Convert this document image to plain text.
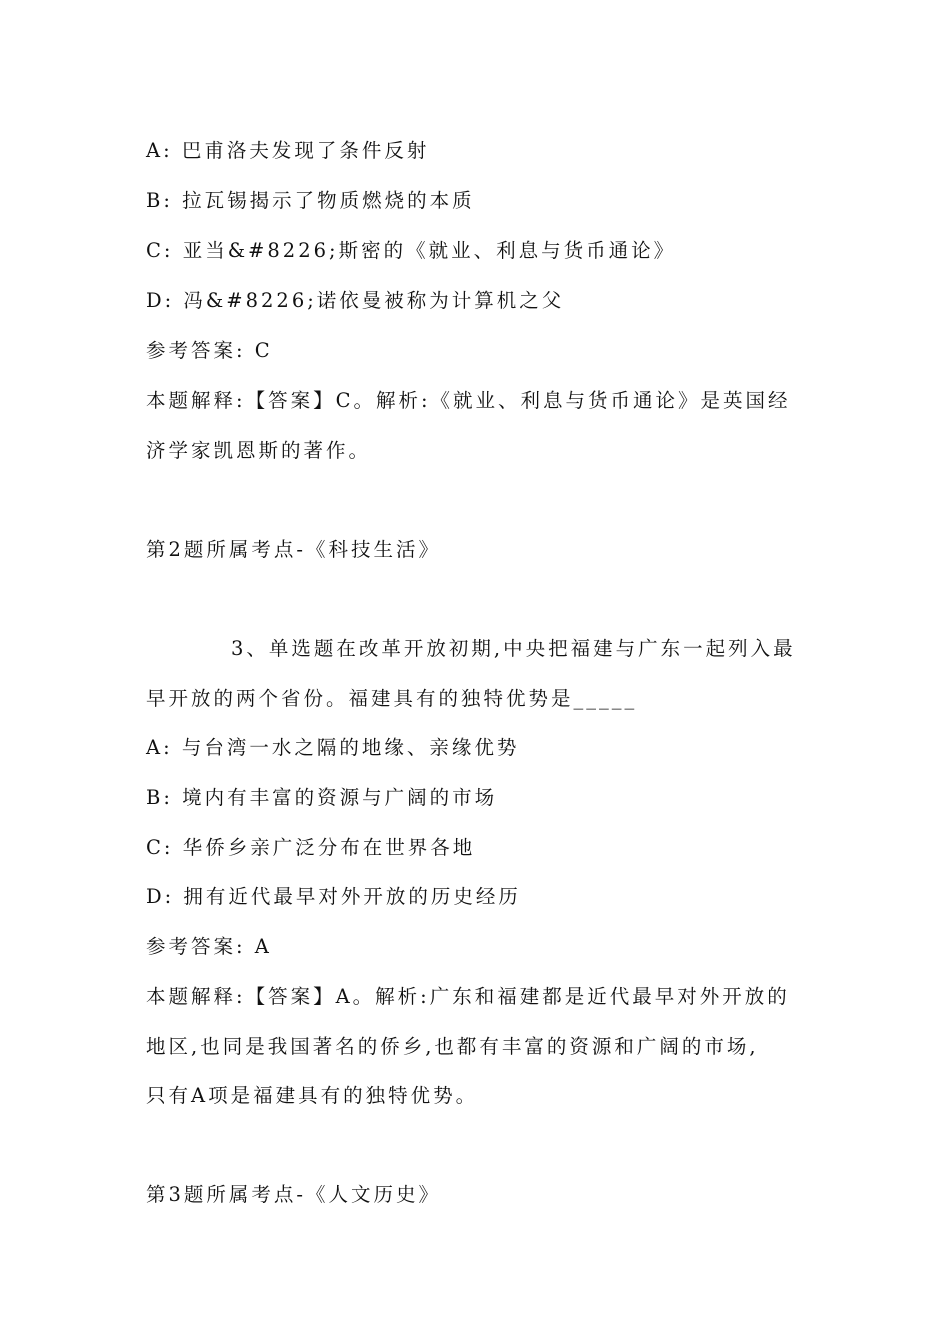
A: 巴甫洛夫发现了条件反射
B: 拉瓦锡揭示了物质燃烧的本质
C: 亚当&#8226;斯密的《就业、利息与货币通论》
D: 冯&#8226;诺依曼被称为计算机之父
参考答案: C
本题解释:【答案】C。解析:《就业、利息与货币通论》是英国经
济学家凯恩斯的著作。
第2题所属考点-《科技生活》
3、单选题在改革开放初期,中央把福建与广东一起列入最
早开放的两个省份。福建具有的独特优势是_____
A: 与台湾一水之隔的地缘、亲缘优势
B: 境内有丰富的资源与广阔的市场
C: 华侨乡亲广泛分布在世界各地
D: 拥有近代最早对外开放的历史经历
参考答案: A
本题解释:【答案】A。解析:广东和福建都是近代最早对外开放的
地区,也同是我国著名的侨乡,也都有丰富的资源和广阔的市场,
只有A项是福建具有的独特优势。
第3题所属考点-《人文历史》
